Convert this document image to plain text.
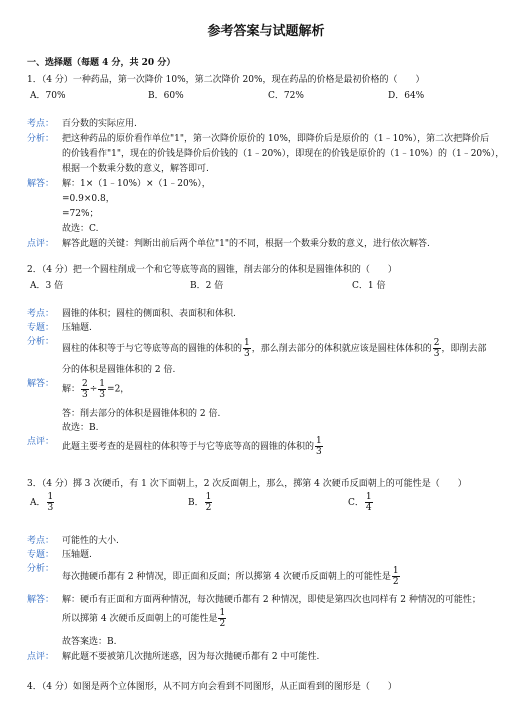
参考答案与试题解析
一、选择题（每题 4 分，共 20 分）
1．（4 分）一种药品，第一次降价 10%，第二次降价 20%，现在药品的价格是最初价格的（　　）
A．70%	B．60%	C．72%	D．64%
考点： 百分数的实际应用.
分析： 把这种药品的原价看作单位"1"，第一次降价原价的 10%，即降价后是原价的（1﹣10%），第二次把降价后
的价钱看作"1"，现在的价钱是降价后价钱的（1﹣20%），即现在的价钱是原价的（1﹣10%）的（1﹣20%），
根据一个数乘分数的意义，解答即可.
解答： 解：1×（1﹣10%）×（1﹣20%），
=0.9×0.8，
=72%；
故选：C.
点评： 解答此题的关键：判断出前后两个单位"1"的不同，根据一个数乘分数的意义，进行依次解答.
2．（4 分）把一个圆柱削成一个和它等底等高的圆锥，削去部分的体积是圆锥体积的（　　）
A．3 倍	B．2 倍	C．1 倍
考点： 圆锥的体积；圆柱的侧面积、表面积和体积.
专题： 压轴题.
分析：
圆柱的体积等于与它等底等高的圆锥的体积的 $\frac{1}{3}$ ，那么削去部分的体积就应该是圆柱体体积的 $\frac{2}{3}$ ，即削去部
分的体积是圆锥体积的 2 倍.
解答：
解： $\frac{2}{3} \div \frac{1}{3} =2$，
答：削去部分的体积是圆锥体积的 2 倍.
故选：B.
点评： 此题主要考查的是圆柱的体积等于与它等底等高的圆锥的体积的 $\frac{1}{3}$
3．（4 分）掷 3 次硬币，有 1 次下面朝上，2 次反面朝上，那么，掷第 4 次硬币反面朝上的可能性是（　　）
A． $\frac{1}{3}$	B． $\frac{1}{2}$	C． $\frac{1}{4}$
考点： 可能性的大小.
专题： 压轴题.
分析：
每次抛硬币都有 2 种情况，即正面和反面；所以掷第 4 次硬币反面朝上的可能性是 $\frac{1}{2}$
解答： 解：硬币有正面和方面两种情况，每次抛硬币都有 2 种情况，即使是第四次也同样有 2 种情况的可能性；
所以掷第 4 次硬币反面朝上的可能性是 $\frac{1}{2}$
故答案选：B.
点评： 解此题不要被第几次抛所迷惑，因为每次抛硬币都有 2 中可能性.
4．（4 分）如图是两个立体图形，从不同方向会看到不同图形，从正面看到的图形是（　　）
